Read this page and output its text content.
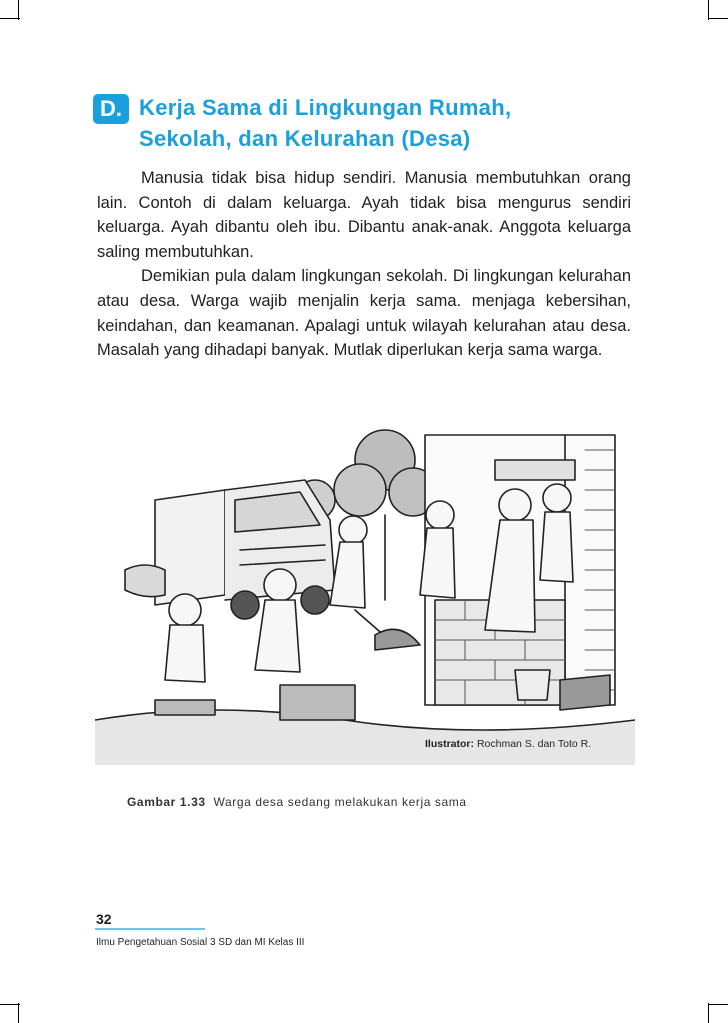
D. Kerja Sama di Lingkungan Rumah,
Sekolah, dan Kelurahan (Desa)

Manusia tidak bisa hidup sendiri. Manusia membutuhkan orang lain. Contoh di dalam keluarga. Ayah tidak bisa mengurus sendiri keluarga. Ayah dibantu oleh ibu. Dibantu anak-anak. Anggota keluarga saling membutuhkan.

Demikian pula dalam lingkungan sekolah. Di lingkungan kelurahan atau desa. Warga wajib menjalin kerja sama. menjaga kebersihan, keindahan, dan keamanan. Apalagi untuk wilayah kelurahan atau desa. Masalah yang dihadapi banyak. Mutlak diperlukan kerja sama warga.

Ilustrator: Rochman S. dan Toto R.
Gambar 1.33 Warga desa sedang melakukan kerja sama
32
Ilmu Pengetahuan Sosial 3 SD dan MI Kelas III
